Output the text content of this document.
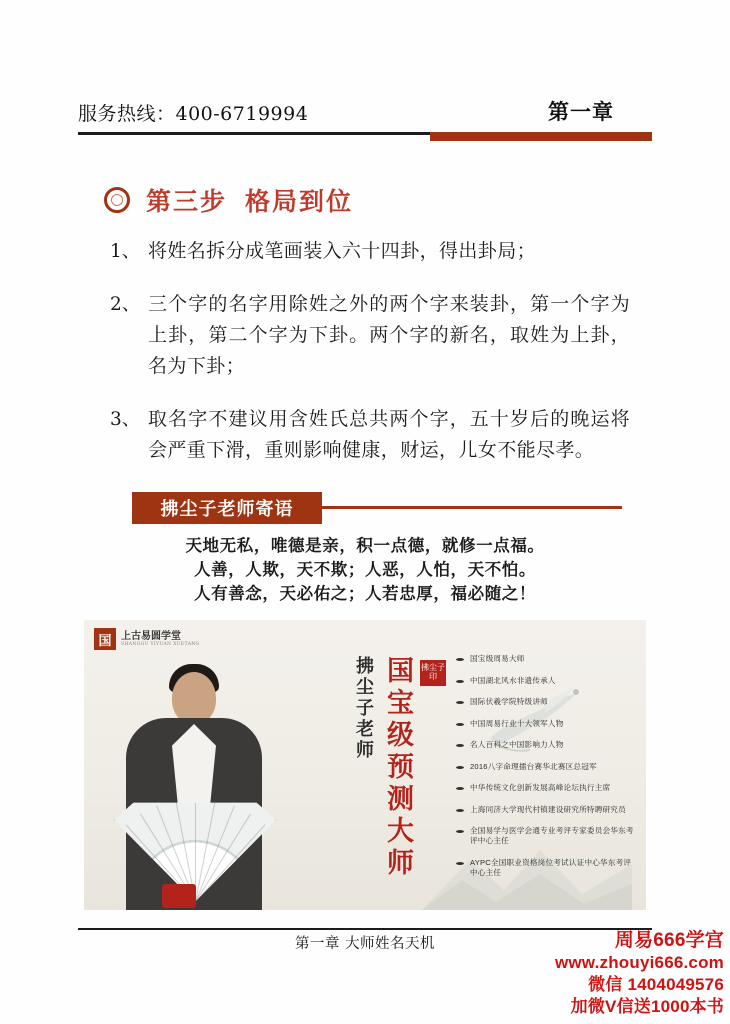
服务热线：400-6719994	第一章
第三步 格局到位
1、 将姓名拆分成笔画装入六十四卦，得出卦局；
2、 三个字的名字用除姓之外的两个字来装卦，第一个字为上卦，第二个字为下卦。两个字的新名，取姓为上卦，名为下卦；
3、 取名字不建议用含姓氏总共两个字，五十岁后的晚运将会严重下滑，重则影响健康，财运，儿女不能尽孝。
拂尘子老师寄语
天地无私，唯德是亲，积一点德，就修一点福。
人善，人欺，天不欺；人恶，人怕，天不怕。
人有善念，天必佑之；人若忠厚，福必随之！
国 上古易圆学堂
SHANGGU YIYUAN XUETANG
国宝级预测大师
拂尘子老师	拂尘子印
国宝级周易大师
中国湖北风水非遗传承人
国际伏羲学院特级讲师
中国周易行业十大领军人物
名人百科之中国影响力人物
2016八字命理擂台赛华北赛区总冠军
中华传统文化创新发展高峰论坛执行主席
上海同济大学现代村镇建设研究所特聘研究员
全国易学与医学会通专业考评专家委员会华东考评中心主任
AYPC全国职业资格岗位考试认证中心华东考评中心主任
第一章 大师姓名天机	周易666学宫
www.zhouyi666.com
微信 1404049576
加微V信送1000本书
